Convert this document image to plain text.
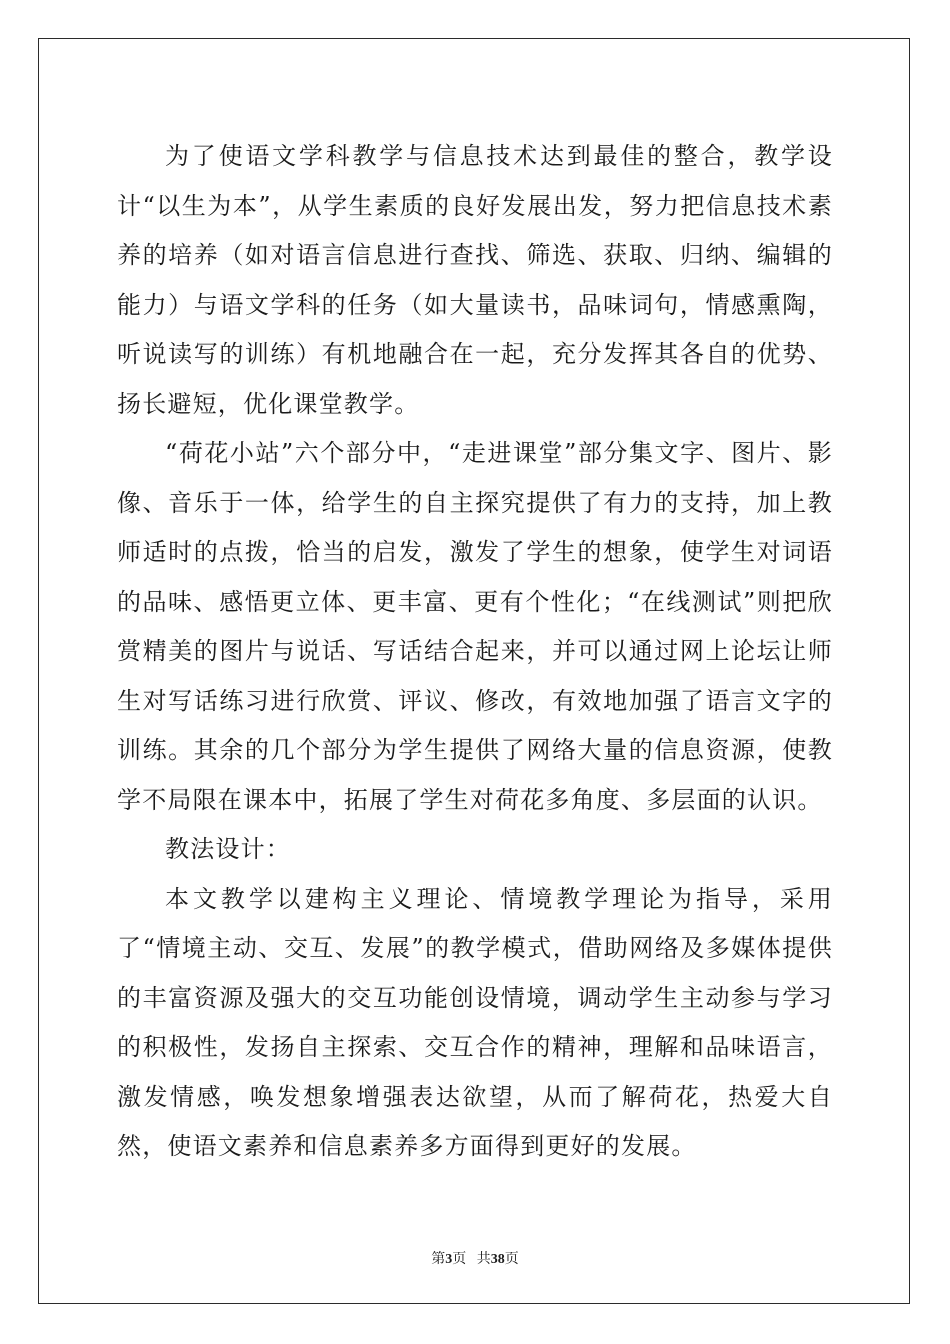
为了使语文学科教学与信息技术达到最佳的整合，教学设计“以生为本”，从学生素质的良好发展出发，努力把信息技术素养的培养（如对语言信息进行查找、筛选、获取、归纳、编辑的能力）与语文学科的任务（如大量读书，品味词句，情感熏陶，听说读写的训练）有机地融合在一起，充分发挥其各自的优势、扬长避短，优化课堂教学。

“荷花小站”六个部分中，“走进课堂”部分集文字、图片、影像、音乐于一体，给学生的自主探究提供了有力的支持，加上教师适时的点拨，恰当的启发，激发了学生的想象，使学生对词语的品味、感悟更立体、更丰富、更有个性化；“在线测试”则把欣赏精美的图片与说话、写话结合起来，并可以通过网上论坛让师生对写话练习进行欣赏、评议、修改，有效地加强了语言文字的训练。其余的几个部分为学生提供了网络大量的信息资源，使教学不局限在课本中，拓展了学生对荷花多角度、多层面的认识。

教法设计：

本文教学以建构主义理论、情境教学理论为指导，采用了“情境主动、交互、发展”的教学模式，借助网络及多媒体提供的丰富资源及强大的交互功能创设情境，调动学生主动参与学习的积极性，发扬自主探索、交互合作的精神，理解和品味语言，激发情感，唤发想象增强表达欲望，从而了解荷花，热爱大自然，使语文素养和信息素养多方面得到更好的发展。

第3页 共38页
